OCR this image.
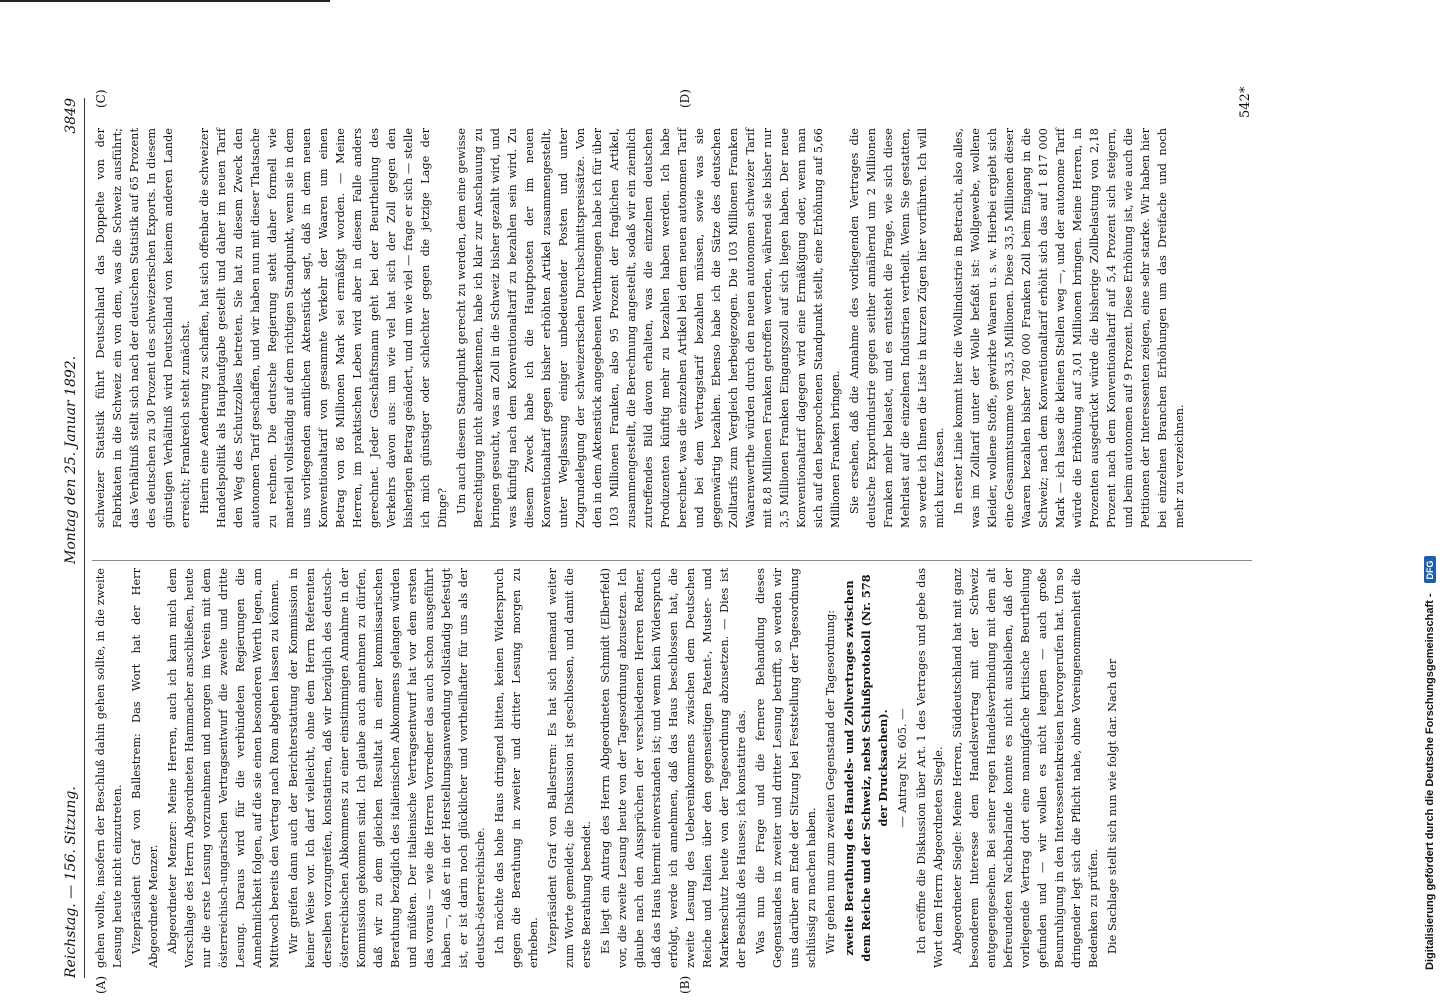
Reichstag. — 156. Sitzung.
Montag den 25. Januar 1892.
3849

gehen wollte, insofern der Beschluß dahin gehen sollte, in die zweite Lesung heute nicht einzutreten. Vizepräsident Graf von Ballestrem: Das Wort hat der Herr Abgeordnete Menzer. Abgeordneter Menzer: Meine Herren, auch ich kann mich dem Vorschlage des Herrn Abgeordneten Hammacher anschließen, heute nur die erste Lesung vorzunehmen und morgen im Verein mit dem österreichisch-ungarischen Vertragsentwurf die zweite und dritte Lesung. Daraus wird für die verbündeten Regierungen die Annehmlichkeit folgen, auf die sie einen besonderen Werth legen, am Mittwoch bereits den Vertrag nach Rom abgehen lassen zu können. Wir greifen dann auch der Berichterstattung der Kommission in keiner Weise vor. Ich darf vielleicht, ohne dem Herrn Referenten derselben vorzugreifen, konstatiren, daß wir bezüglich des deutsch-österreichischen Abkommens zu einer einstimmigen Annahme in der Kommission gekommen sind. Ich glaube auch annehmen zu dürfen, daß wir zu dem gleichen Resultat in einer kommissarischen Berathung bezüglich des italienischen Abkommens gelangen würden und müßten. Der italienische Vertragsentwurf hat vor dem ersten das voraus — wie die Herren Vorredner das auch schon ausgeführt haben —, daß er in der Herstellungsanwendung vollständig befestigt ist, er ist darin noch glücklicher und vortheilhafter für uns als der deutsch-österreichische. Ich möchte das hohe Haus dringend bitten, keinen Widerspruch gegen die Berathung in zweiter und dritter Lesung morgen zu erheben. Vizepräsident Graf von Ballestrem: Es hat sich niemand weiter zum Worte gemeldet; die Diskussion ist geschlossen, und damit die erste Berathung beendet. Es liegt ein Antrag des Herrn Abgeordneten Schmidt (Elberfeld) vor, die zweite Lesung heute von der Tagesordnung abzusetzen. Ich glaube nach den Aussprüchen der verschiedenen Herren Redner, daß das Haus hiermit einverstanden ist; und wenn kein Widerspruch erfolgt, werde ich annehmen, daß das Haus beschlossen hat, die zweite Lesung des Uebereinkommens zwischen dem Deutschen Reiche und Italien über den gegenseitigen Patent-, Muster- und Markenschutz heute von der Tagesordnung abzusetzen. — Dies ist der Beschluß des Hauses; ich konstatire das. Was nun die Frage und die fernere Behandlung dieses Gegenstandes in zweiter und dritter Lesung betrifft, so werden wir uns darüber am Ende der Sitzung bei Feststellung der Tagesordnung schlüssig zu machen haben. Wir gehen nun zum zweiten Gegenstand der Tagesordnung: zweite Berathung des Handels- und Zollvertrages zwischen dem Reiche und der Schweiz, nebst Schlußprotokoll (Nr. 578 der Drucksachen). — Antrag Nr. 605. — Ich eröffne die Diskussion über Art. 1 des Vertrages und gebe das Wort dem Herrn Abgeordneten Siegle. Abgeordneter Siegle: Meine Herren, Süddeutschland hat mit ganz besonderem Interesse dem Handelsvertrag mit der Schweiz entgegengesehen. Bei seiner regen Handelsverbindung mit dem alt befreundeten Nachbarlande konnte es nicht ausbleiben, daß der vorliegende Vertrag dort eine mannigfache kritische Beurtheilung gefunden und — wir wollen es nicht leugnen — auch große Beunruhigung in den Interessentenkreisen hervorgerufen hat. Um so dringender legt sich die Pflicht nahe, ohne Voreingenommenheit die Bedenken zu prüfen. Die Sachlage stellt sich nun wie folgt dar. Nach der

schweizer Statistik führt Deutschland das Doppelte von der Fabrikaten in die Schweiz ein von dem, was die Schweiz ausführt; das Verhältniß stellt sich nach der deutschen Statistik auf 65 Prozent des deutschen zu 30 Prozent des schweizerischen Exports. In diesem günstigen Verhältniß wird Deutschland von keinem anderen Lande erreicht; Frankreich steht zunächst. Hierin eine Aenderung zu schaffen, hat sich offenbar die schweizer Handelspolitik als Hauptaufgabe gestellt und daher im neuen Tarif den Weg des Schutzzolles betreten. Sie hat zu diesem Zweck den autonomen Tarif geschaffen, und wir haben nun mit dieser Thatsache zu rechnen. Die deutsche Regierung steht daher formell wie materiell vollständig auf dem richtigen Standpunkt, wenn sie in dem uns vorliegenden amtlichen Aktenstück sagt, daß in dem neuen Konventionaltarif von gesammte Verkehr der Waaren um einen Betrag von 86 Millionen Mark sei ermäßigt worden. — Meine Herren, im praktischen Leben wird aber in diesem Falle anders gerechnet. Jeder Geschäftsmann geht bei der Beurtheilung des Verkehrs davon aus: um wie viel hat sich der Zoll gegen den bisherigen Betrag geändert, und um wie viel — frage er sich — stelle ich mich günstiger oder schlechter gegen die jetzige Lage der Dinge? Um auch diesem Standpunkt gerecht zu werden, dem eine gewisse Berechtigung nicht abzuerkennen, habe ich klar zur Anschauung zu bringen gesucht, was an Zoll in die Schweiz bisher gezahlt wird, und was künftig nach dem Konventionaltarif zu bezahlen sein wird. Zu diesem Zweck habe ich die Hauptposten der im neuen Konventionaltarif gegen bisher erhöhten Artikel zusammengestellt, unter Weglassung einiger unbedeutender Posten und unter Zugrundelegung der schweizerischen Durchschnittspreissätze. Von den in dem Aktenstück angegebenen Werthmengen habe ich für über 103 Millionen Franken, also 95 Prozent der fraglichen Artikel, zusammengestellt, die Berechnung angestellt, sodaß wir ein ziemlich zutreffendes Bild davon erhalten, was die einzelnen deutschen Produzenten künftig mehr zu bezahlen haben werden. Ich habe berechnet, was die einzelnen Artikel bei dem neuen autonomen Tarif und bei dem Vertragstarif bezahlen müssen, sowie was sie gegenwärtig bezahlen. Ebenso habe ich die Sätze des deutschen Zolltarifs zum Vergleich herbeigezogen. Die 103 Millionen Franken Waarenwerthe würden durch den neuen autonomen schweizer Tarif mit 8,8 Millionen Franken getroffen werden, während sie bisher nur 3,5 Millionen Franken Eingangszoll auf sich liegen haben. Der neue Konventionaltarif dagegen wird eine Ermäßigung oder, wenn man sich auf den besprochenen Standpunkt stellt, eine Erhöhung auf 5,66 Millionen Franken bringen. Sie ersehen, daß die Annahme des vorliegenden Vertrages die deutsche Exportindustrie gegen seither annähernd um 2 Millionen Franken mehr belastet, und es entsteht die Frage, wie sich diese Mehrlast auf die einzelnen Industrien vertheilt. Wenn Sie gestatten, so werde ich Ihnen die Liste in kurzen Zügen hier vorführen. Ich will mich kurz fassen. In erster Linie kommt hier die Wollindustrie in Betracht, also alles, was im Zolltarif unter der Wolle befaßt ist: Wollgewebe, wollene Kleider, wollene Stoffe, gewirkte Waaren u. s. w. Hierbei ergiebt sich eine Gesammtsumme von 33,5 Millionen. Diese 33,5 Millionen dieser Waaren bezahlen bisher 780 000 Franken Zoll beim Eingang in die Schweiz; nach dem Konventionaltarif erhöht sich das auf 1 817 000 Mark — ich lasse die kleinen Stellen weg —, und der autonome Tarif würde die Erhöhung auf 3,01 Millionen bringen. Meine Herren, in Prozenten ausgedrückt würde die bisherige Zollbelastung von 2,18 Prozent nach dem Konventionaltarif auf 5,4 Prozent sich steigern, und beim autonomen auf 9 Prozent. Diese Erhöhung ist, wie auch die Petitionen der Interessenten zeigen, eine sehr starke. Wir haben hier bei einzelnen Branchen Erhöhungen um das Dreifache und noch mehr zu verzeichnen.

(A)	(B)
(C)	(D)	542*
Digitalisierung gefördert durch die Deutsche Forschungsgemeinschaft -
DFG
